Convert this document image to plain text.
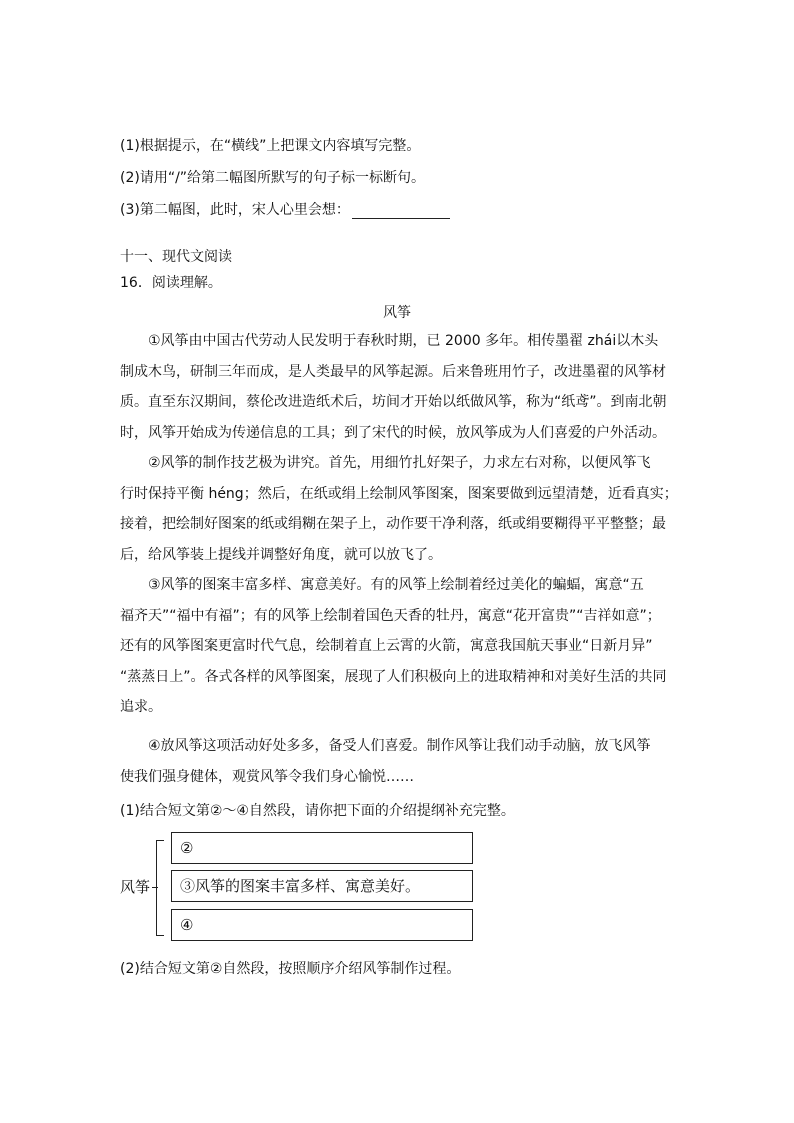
(1)根据提示，在“横线”上把课文内容填写完整。
(2)请用“/”给第二幅图所默写的句子标一标断句。
(3)第二幅图，此时，宋人心里会想：
十一、现代文阅读
16．阅读理解。
风筝
①风筝由中国古代劳动人民发明于春秋时期，已 2000 多年。相传墨翟 zhái以木头
制成木鸟，研制三年而成，是人类最早的风筝起源。后来鲁班用竹子，改进墨翟的风筝材
质。直至东汉期间，蔡伦改进造纸术后，坊间才开始以纸做风筝，称为“纸鸢”。到南北朝
时，风筝开始成为传递信息的工具；到了宋代的时候，放风筝成为人们喜爱的户外活动。
②风筝的制作技艺极为讲究。首先，用细竹扎好架子，力求左右对称，以便风筝飞
行时保持平衡 héng；然后，在纸或绢上绘制风筝图案，图案要做到远望清楚，近看真实；
接着，把绘制好图案的纸或绢糊在架子上，动作要干净利落，纸或绢要糊得平平整整；最
后，给风筝装上提线并调整好角度，就可以放飞了。
③风筝的图案丰富多样、寓意美好。有的风筝上绘制着经过美化的蝙蝠，寓意“五
福齐天”“福中有福”；有的风筝上绘制着国色天香的牡丹，寓意“花开富贵”“吉祥如意”；
还有的风筝图案更富时代气息，绘制着直上云霄的火箭，寓意我国航天事业“日新月异”
“蒸蒸日上”。各式各样的风筝图案，展现了人们积极向上的进取精神和对美好生活的共同
追求。
④放风筝这项活动好处多多，备受人们喜爱。制作风筝让我们动手动脑，放飞风筝
使我们强身健体，观赏风筝令我们身心愉悦……
(1)结合短文第②～④自然段，请你把下面的介绍提纲补充完整。
风筝
②
③风筝的图案丰富多样、寓意美好。
④
(2)结合短文第②自然段，按照顺序介绍风筝制作过程。
